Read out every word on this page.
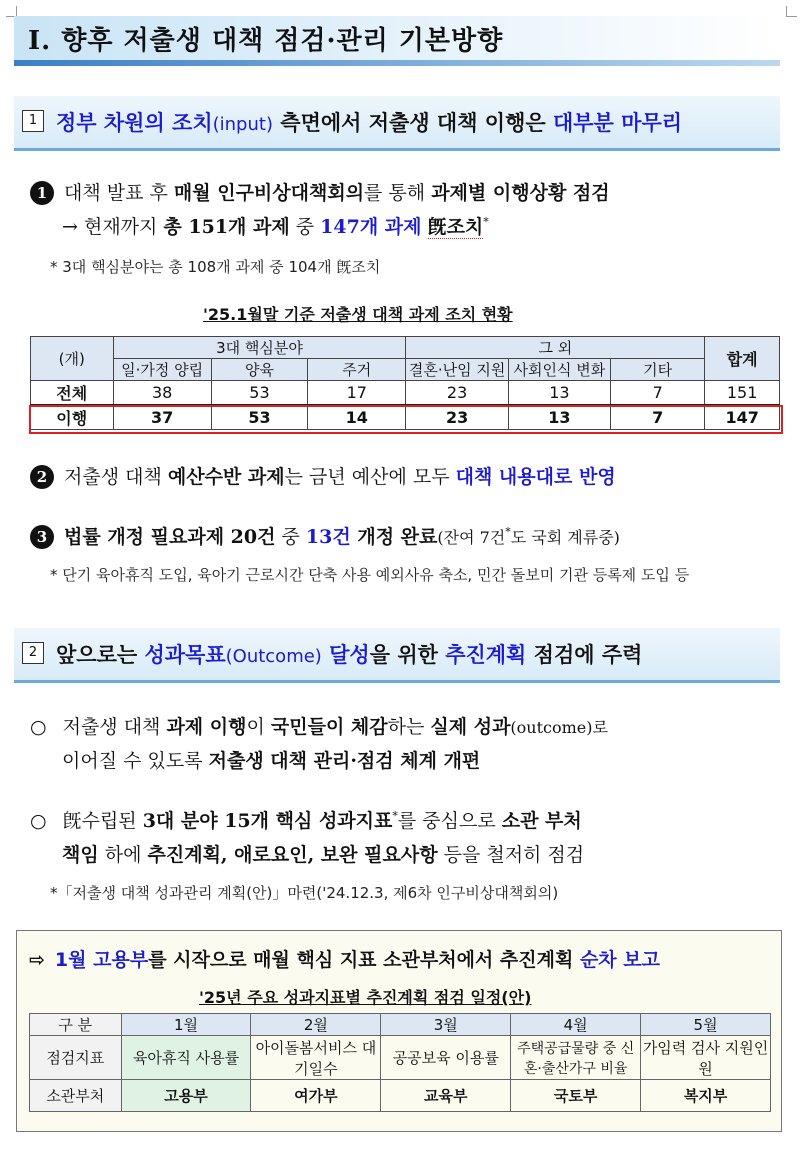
Ⅰ. 향후 저출생 대책 점검·관리 기본방향
1 정부 차원의 조치(input) 측면에서 저출생 대책 이행은 대부분 마무리
1 대책 발표 후 매월 인구비상대책회의를 통해 과제별 이행상황 점검
→ 현재까지 총 151개 과제 중 147개 과제 旣조치*
* 3대 핵심분야는 총 108개 과제 중 104개 旣조치
'25.1월말 기준 저출생 대책 과제 조치 현황
(개)	3대 핵심분야			그 외			합계
	일·가정 양립	양육	주거	결혼·난임 지원	사회인식 변화	기타	
전체	38	53	17	23	13	7	151
이행	37	53	14	23	13	7	147
2 저출생 대책 예산수반 과제는 금년 예산에 모두 대책 내용대로 반영
3 법률 개정 필요과제 20건 중 13건 개정 완료(잔여 7건*도 국회 계류중)
* 단기 육아휴직 도입, 육아기 근로시간 단축 사용 예외사유 축소, 민간 돌보미 기관 등록제 도입 등
2 앞으로는 성과목표(Outcome) 달성을 위한 추진계획 점검에 주력
○ 저출생 대책 과제 이행이 국민들이 체감하는 실제 성과(outcome)로
이어질 수 있도록 저출생 대책 관리·점검 체계 개편
○ 旣수립된 3대 분야 15개 핵심 성과지표*를 중심으로 소관 부처
책임 하에 추진계획, 애로요인, 보완 필요사항 등을 철저히 점검
*「저출생 대책 성과관리 계획(안)」마련('24.12.3, 제6차 인구비상대책회의)
⇨ 1월 고용부를 시작으로 매월 핵심 지표 소관부처에서 추진계획 순차 보고
'25년 주요 성과지표별 추진계획 점검 일정(안)
구 분	1월	2월	3월	4월	5월
점검지표	육아휴직 사용률	아이돌봄서비스 대기일수	공공보육 이용률	주택공급물량 중 신혼·출산가구 비율	가임력 검사 지원인원
소관부처	고용부	여가부	교육부	국토부	복지부
